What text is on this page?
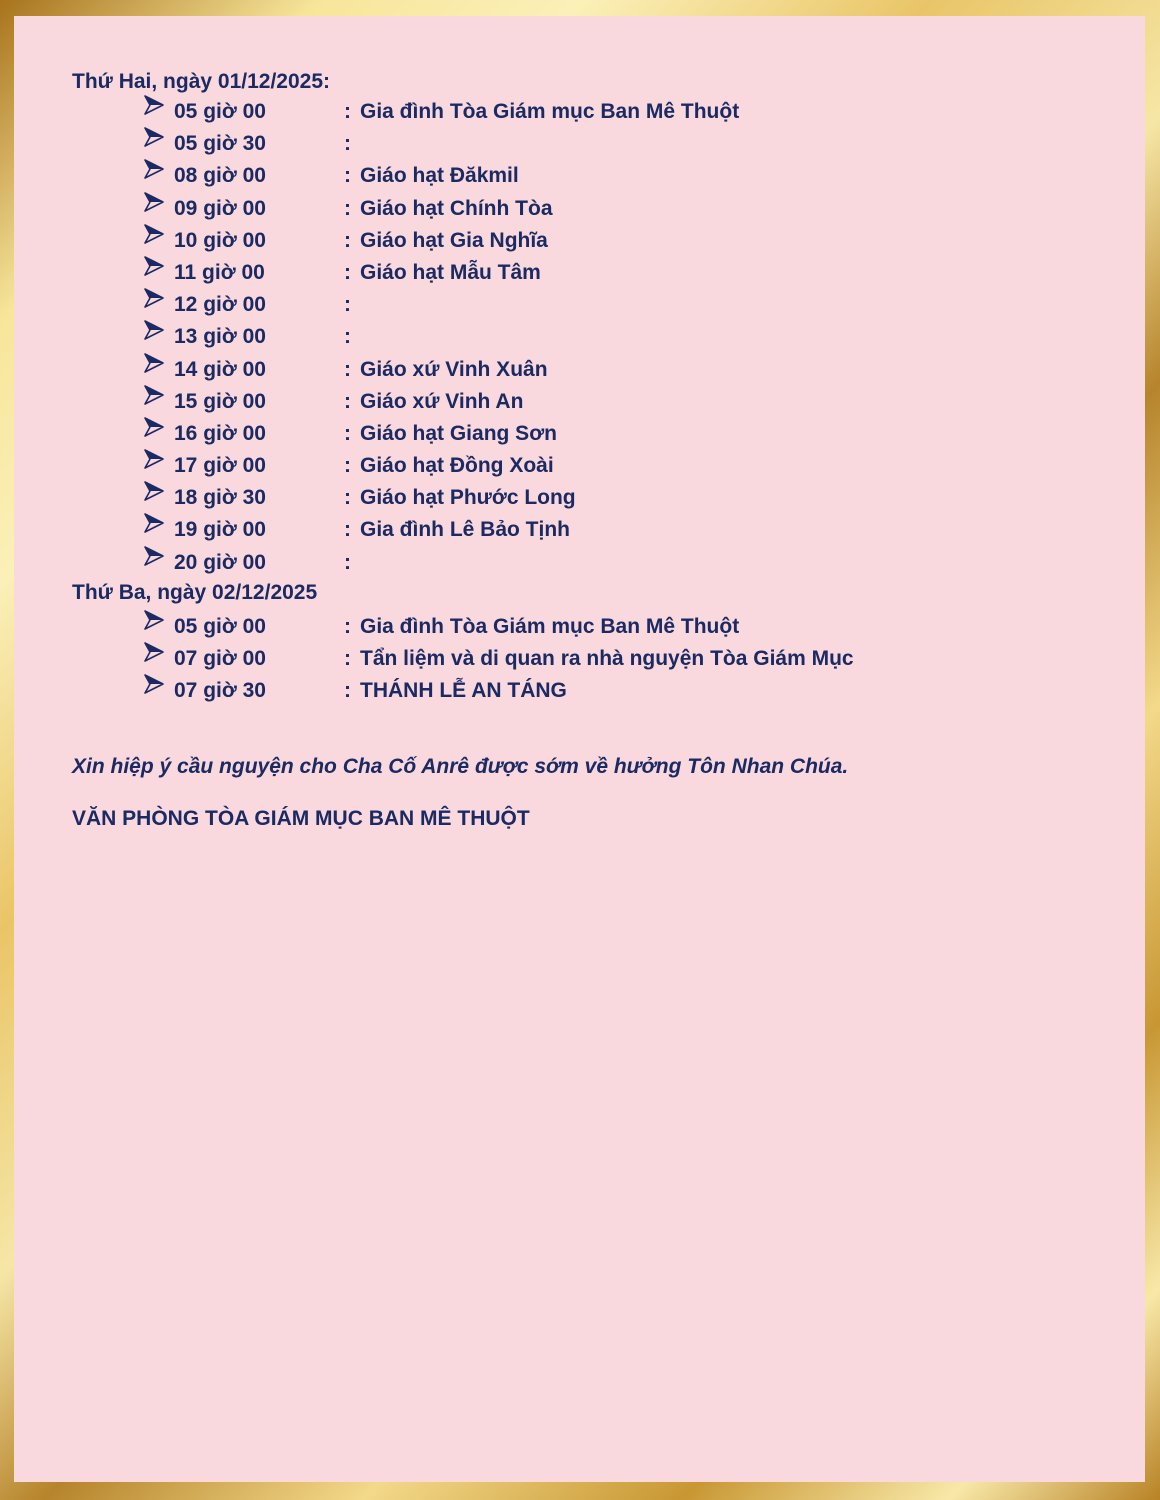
Thứ Hai, ngày 01/12/2025:
05 giờ 00	: Gia đình Tòa Giám mục Ban Mê Thuột
05 giờ 30	:
08 giờ 00	: Giáo hạt Đăkmil
09 giờ 00	: Giáo hạt Chính Tòa
10 giờ 00	: Giáo hạt Gia Nghĩa
11 giờ 00	: Giáo hạt Mẫu Tâm
12 giờ 00	:
13 giờ 00	:
14 giờ 00	: Giáo xứ Vinh Xuân
15 giờ 00	: Giáo xứ Vinh An
16 giờ 00	: Giáo hạt Giang Sơn
17 giờ 00	: Giáo hạt Đồng Xoài
18 giờ 30	: Giáo hạt Phước Long
19 giờ 00	: Gia đình Lê Bảo Tịnh
20 giờ 00	:
Thứ Ba, ngày 02/12/2025
05 giờ 00	: Gia đình Tòa Giám mục Ban Mê Thuột
07 giờ 00	: Tẩn liệm và di quan ra nhà nguyện Tòa Giám Mục
07 giờ 30	: THÁNH LỄ AN TÁNG
Xin hiệp ý cầu nguyện cho Cha Cố Anrê được sớm về hưởng Tôn Nhan Chúa.
VĂN PHÒNG TÒA GIÁM MỤC BAN MÊ THUỘT
